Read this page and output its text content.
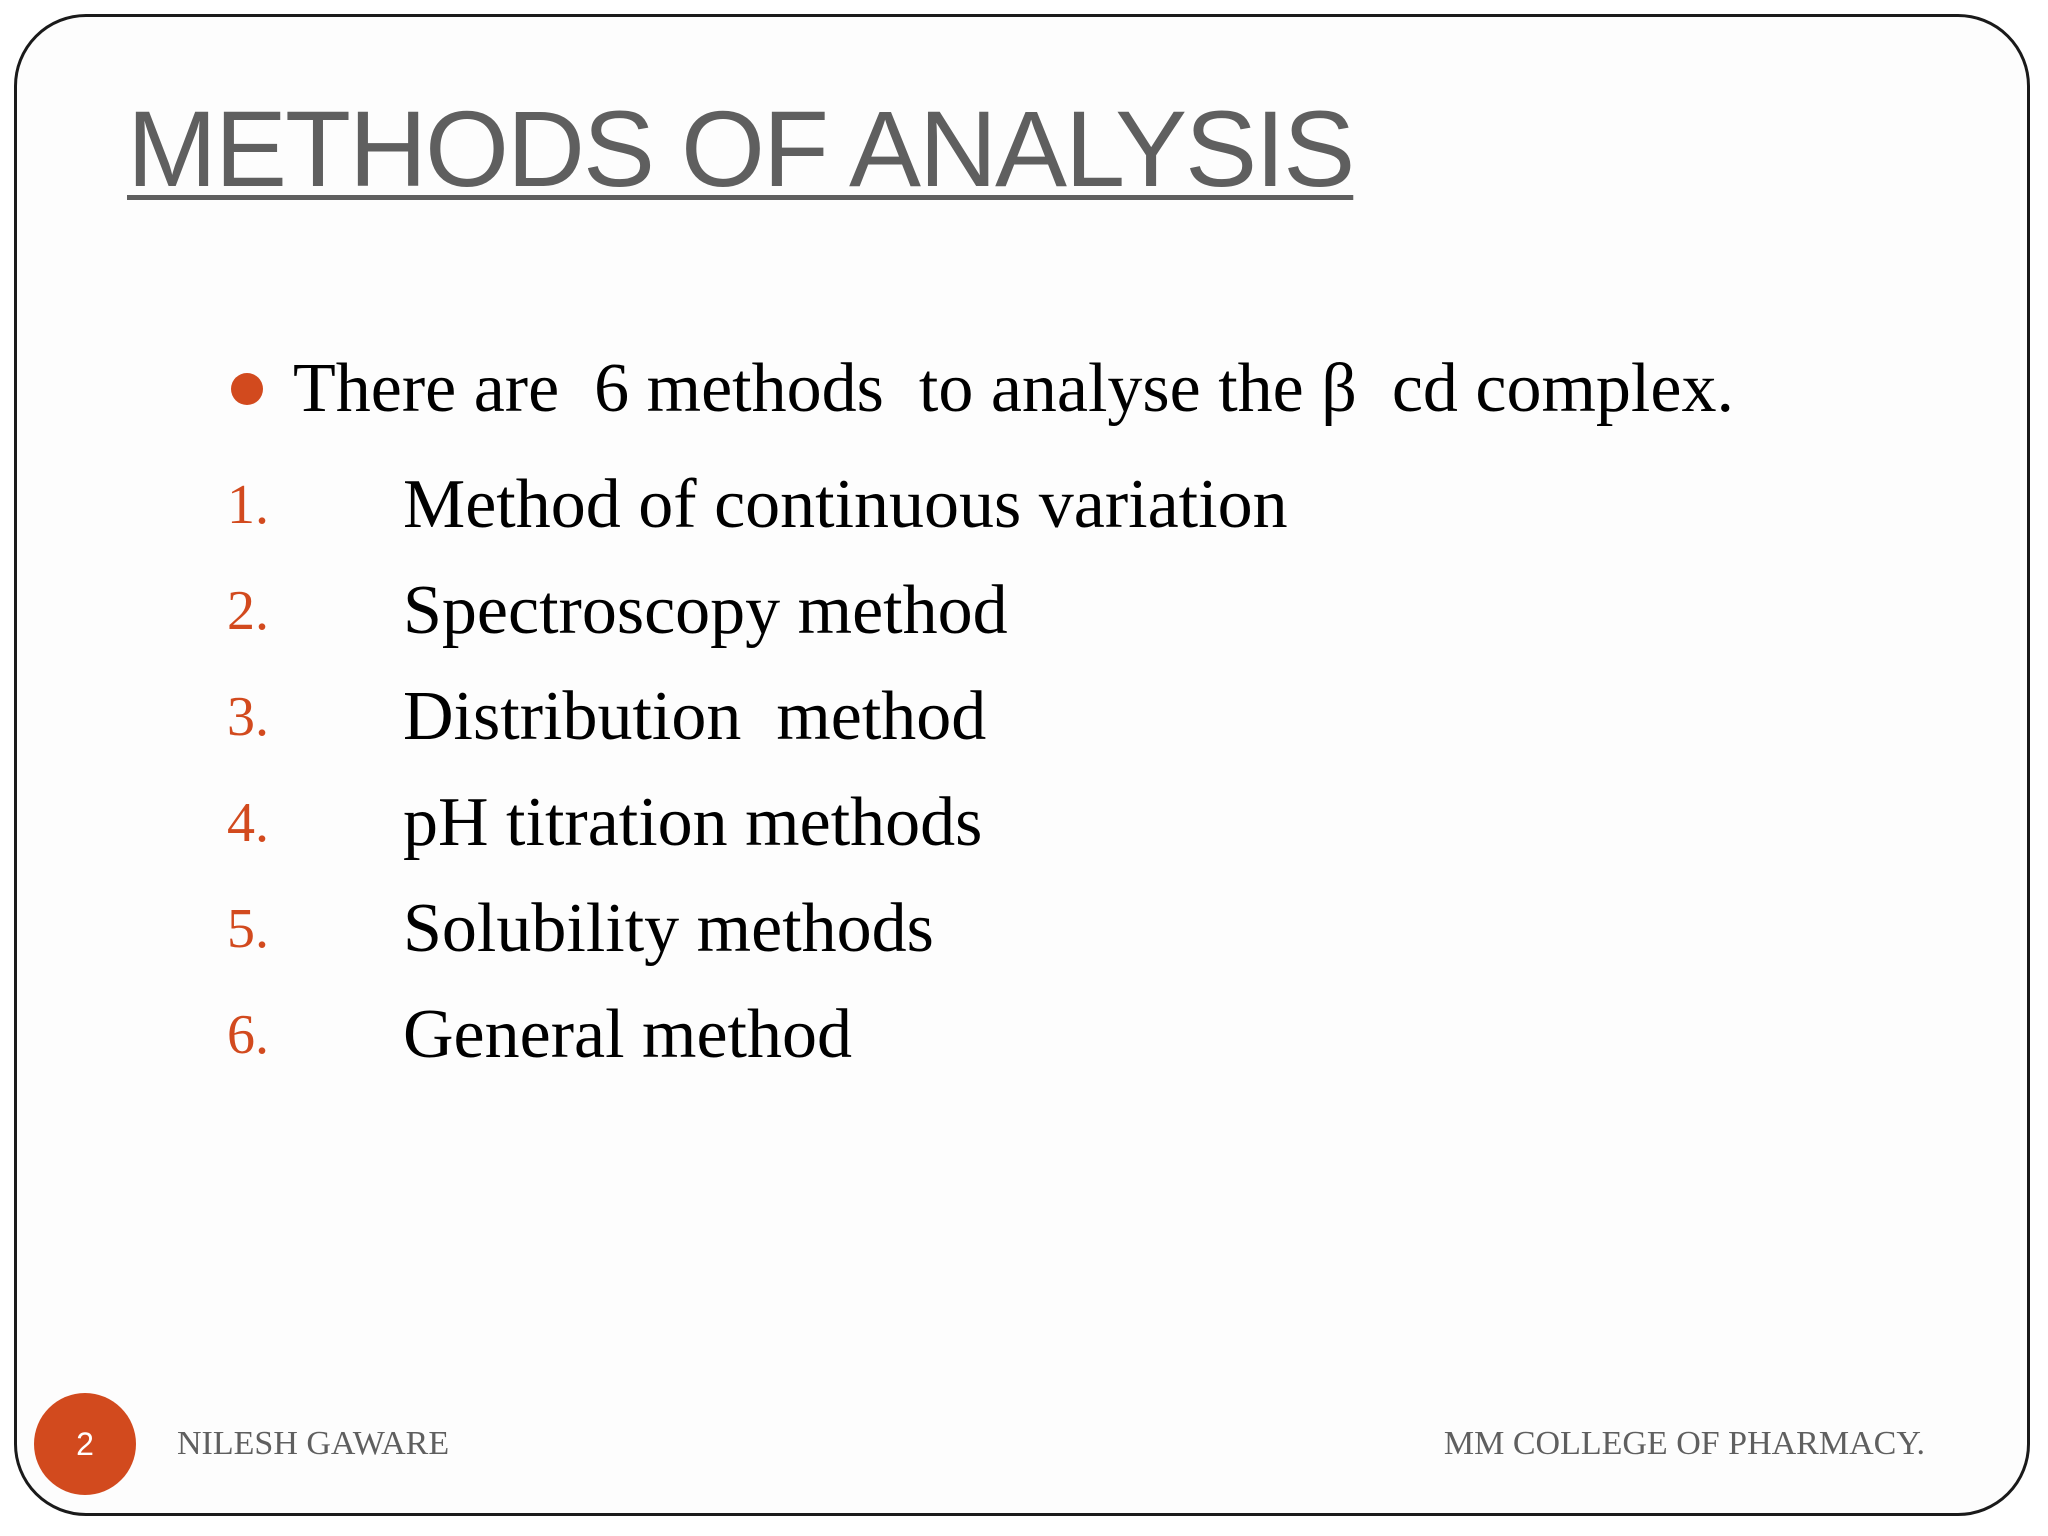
METHODS OF ANALYSIS
There are  6 methods  to analyse the β  cd complex.
1.	Method of continuous variation
2.	Spectroscopy method
3.	Distribution  method
4.	pH titration methods
5.	Solubility methods
6.	General method
2	NILESH GAWARE	MM COLLEGE OF PHARMACY.
